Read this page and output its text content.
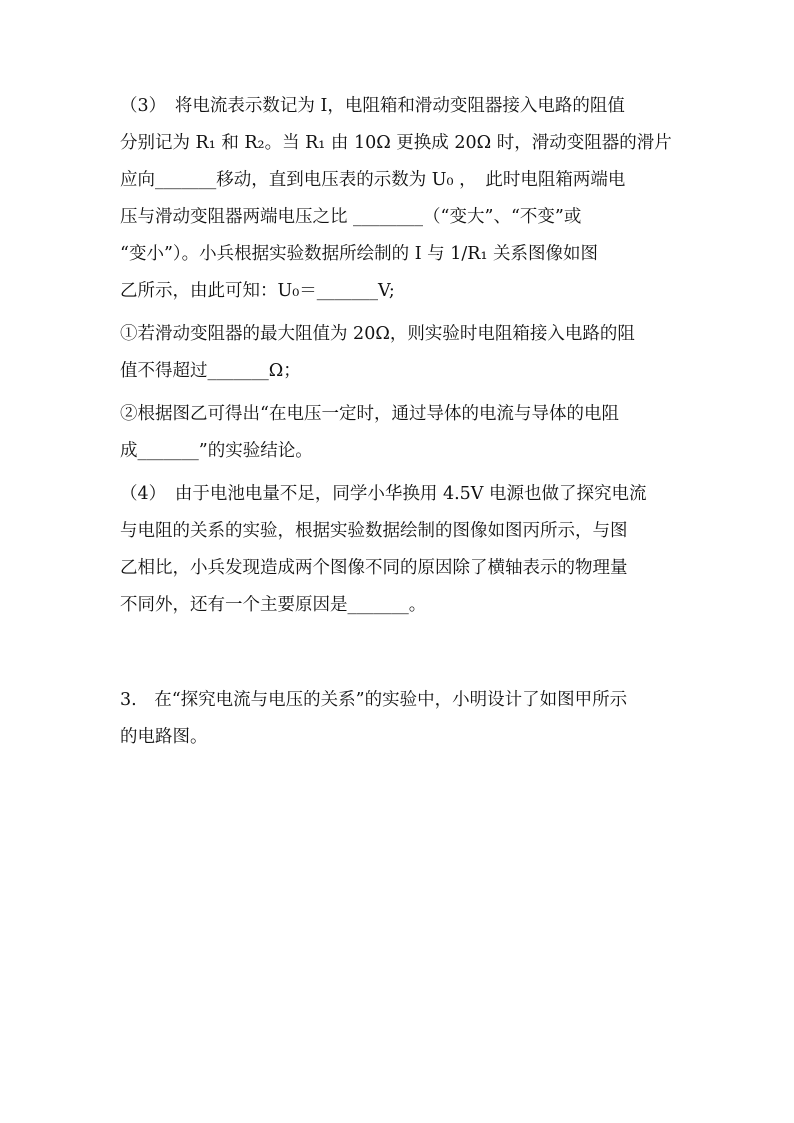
（3）　将电流表示数记为 I，电阻箱和滑动变阻器接入电路的阻值
分别记为 R₁ 和 R₂。当 R₁ 由 10Ω 更换成 20Ω 时，滑动变阻器的滑片
应向_______移动，直到电压表的示数为 U₀ ，　此时电阻箱两端电
压与滑动变阻器两端电压之比 ________（“变大”、“不变”或
“变小”）。小兵根据实验数据所绘制的 I 与 1/R₁ 关系图像如图
乙所示，由此可知：U₀＝_______V;
①若滑动变阻器的最大阻值为 20Ω，则实验时电阻箱接入电路的阻
值不得超过_______Ω；
②根据图乙可得出“在电压一定时，通过导体的电流与导体的电阻
成_______”的实验结论。
（4）　由于电池电量不足，同学小华换用 4.5V 电源也做了探究电流
与电阻的关系的实验，根据实验数据绘制的图像如图丙所示，与图
乙相比，小兵发现造成两个图像不同的原因除了横轴表示的物理量
不同外，还有一个主要原因是_______。
3.　在“探究电流与电压的关系”的实验中，小明设计了如图甲所示
的电路图。
